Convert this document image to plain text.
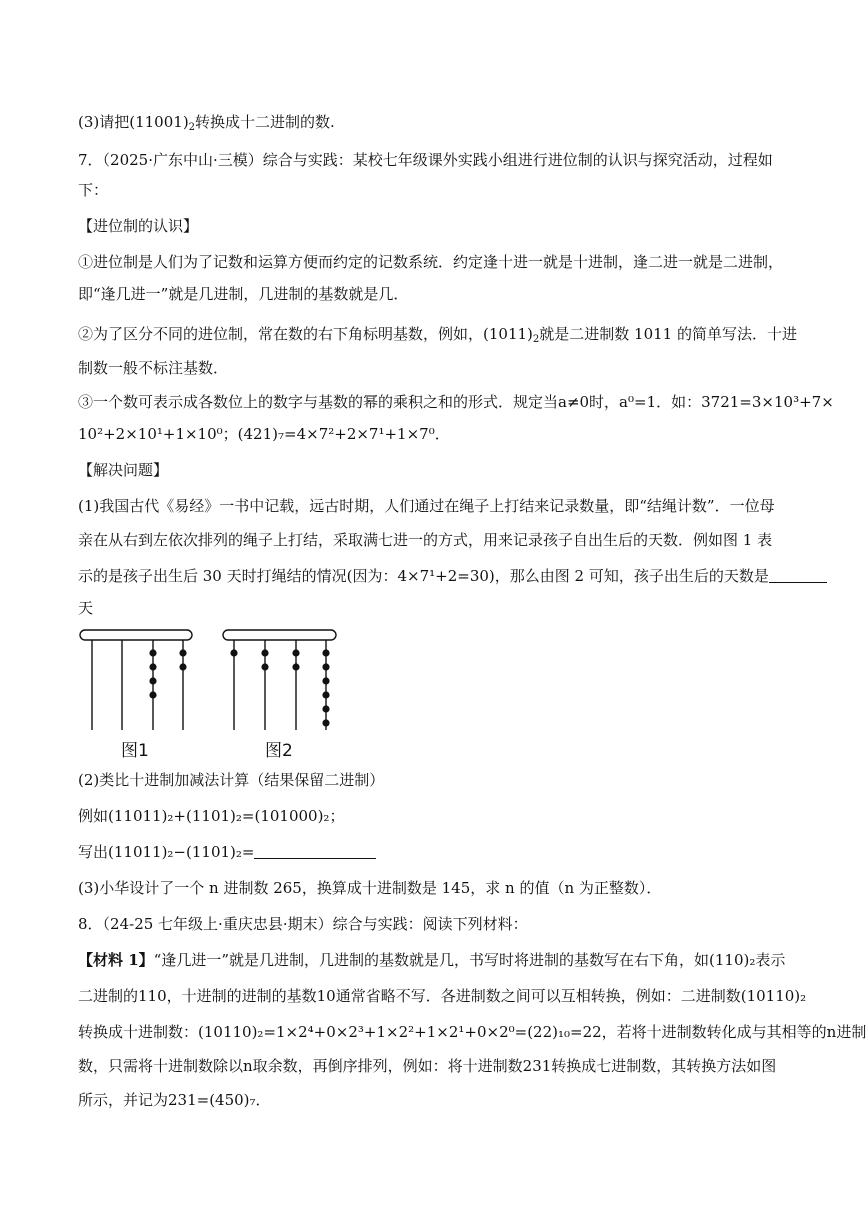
(3)请把$(11001)_2$转换成十二进制的数.
7．（2025·广东中山·三模）综合与实践：某校七年级课外实践小组进行进位制的认识与探究活动，过程如
下：
【进位制的认识】
①进位制是人们为了记数和运算方便而约定的记数系统．约定逢十进一就是十进制，逢二进一就是二进制，
即“逢几进一”就是几进制，几进制的基数就是几．
②为了区分不同的进位制，常在数的右下角标明基数，例如，$(1011)_2$就是二进制数 1011 的简单写法．十进
制数一般不标注基数．
③一个数可表示成各数位上的数字与基数的幂的乘积之和的形式．规定当a≠0时，a⁰=1．如：3721=3×10³+7×
10²+2×10¹+1×10⁰；(421)₇=4×7²+2×7¹+1×7⁰．
【解决问题】
(1)我国古代《易经》一书中记载，远古时期，人们通过在绳子上打结来记录数量，即“结绳计数”．一位母
亲在从右到左依次排列的绳子上打结，采取满七进一的方式，用来记录孩子自出生后的天数．例如图 1 表
示的是孩子出生后 30 天时打绳结的情况(因为：4×7¹+2=30)，那么由图 2 可知，孩子出生后的天数是
天
图1	图2
(2)类比十进制加减法计算（结果保留二进制）
例如(11011)₂+(1101)₂=(101000)₂；
写出(11011)₂−(1101)₂=
(3)小华设计了一个 n 进制数 265，换算成十进制数是 145，求 n 的值（n 为正整数）．
8．（24-25 七年级上·重庆忠县·期末）综合与实践：阅读下列材料：
【材料 1】“逢几进一”就是几进制，几进制的基数就是几，书写时将进制的基数写在右下角，如(110)₂表示
二进制的110，十进制的进制的基数10通常省略不写．各进制数之间可以互相转换，例如：二进制数(10110)₂
转换成十进制数：(10110)₂=1×2⁴+0×2³+1×2²+1×2¹+0×2⁰=(22)₁₀=22，若将十进制数转化成与其相等的n进制
数，只需将十进制数除以n取余数，再倒序排列，例如：将十进制数231转换成七进制数，其转换方法如图
所示，并记为231=(450)₇．
